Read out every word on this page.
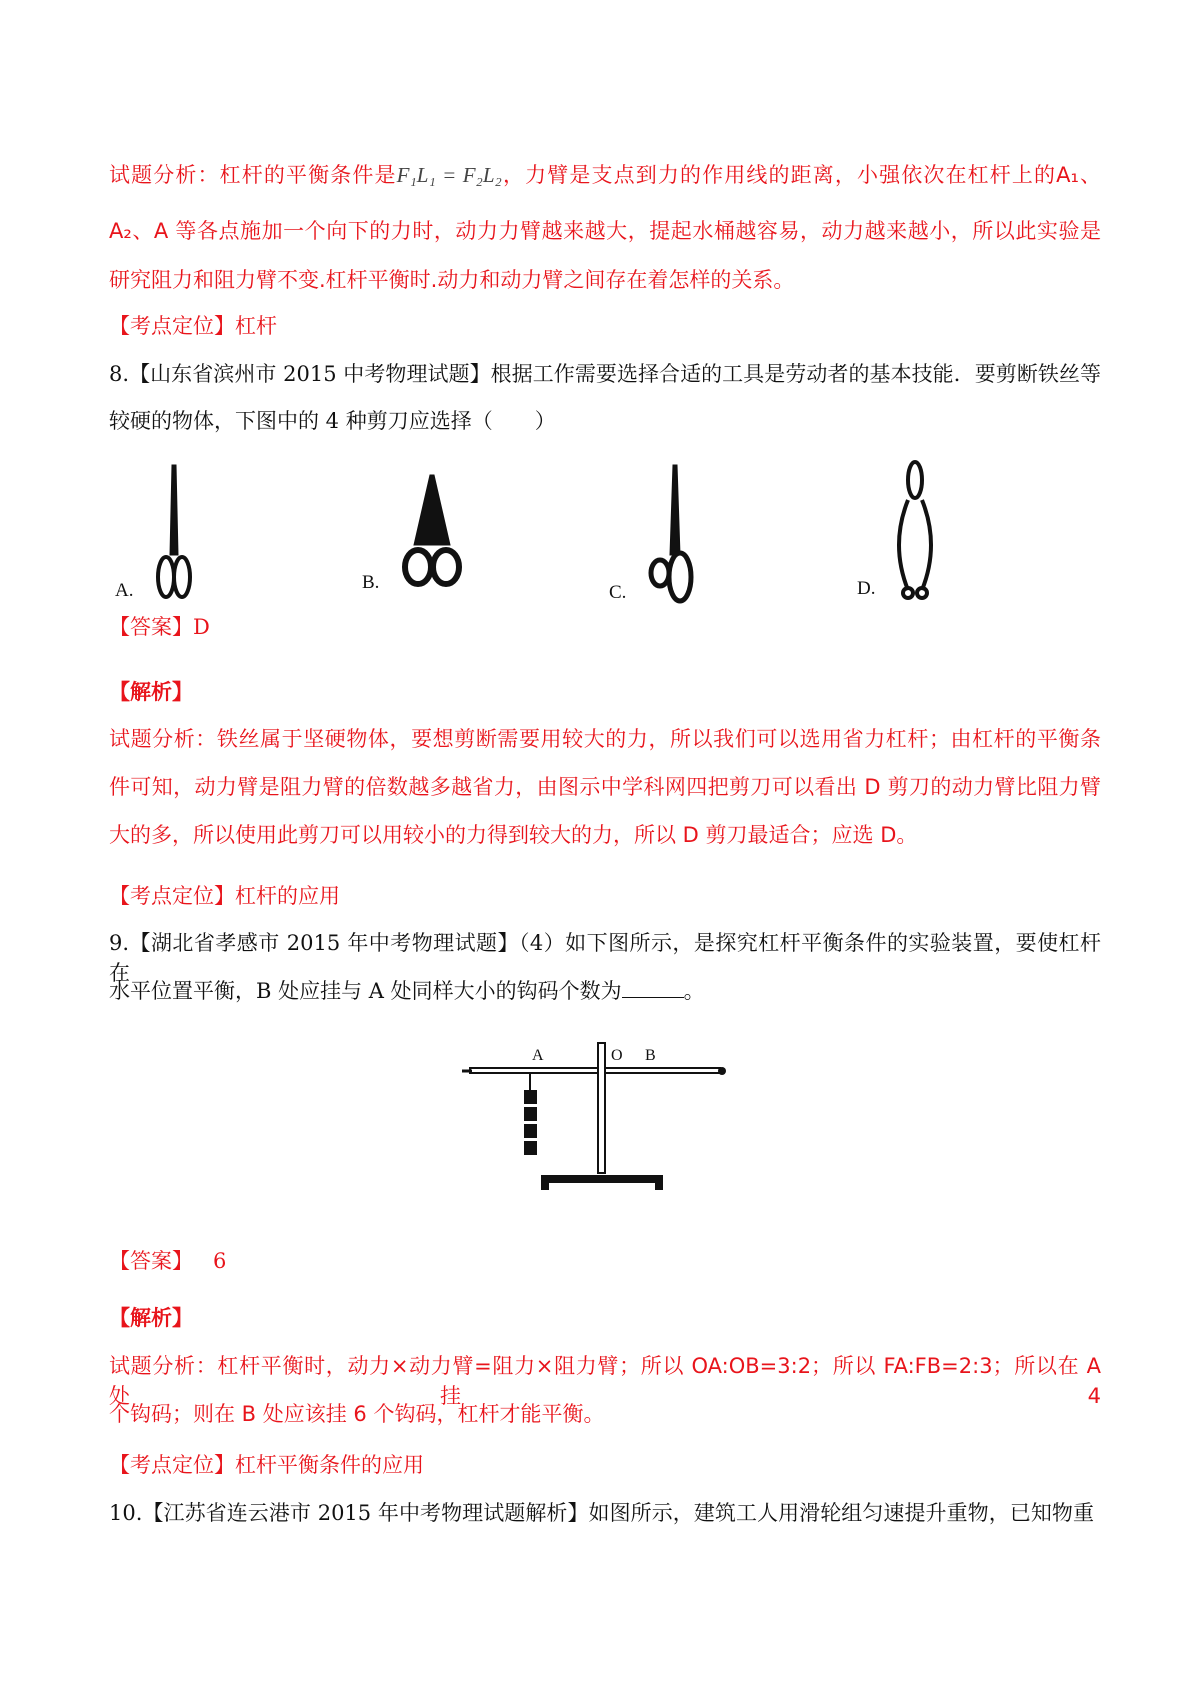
试题分析：杠杆的平衡条件是F₁L₁ = F₂L₂，力臂是支点到力的作用线的距离，小强依次在杠杆上的A₁、
A₂、A 等各点施加一个向下的力时，动力力臂越来越大，提起水桶越容易，动力越来越小，所以此实验是
研究阻力和阻力臂不变.杠杆平衡时.动力和动力臂之间存在着怎样的关系。
【考点定位】杠杆
8.【山东省滨州市 2015 中考物理试题】根据工作需要选择合适的工具是劳动者的基本技能．要剪断铁丝等
较硬的物体，下图中的 4 种剪刀应选择（　　）
A.	B.	C.	D.
【答案】D
【解析】
试题分析：铁丝属于坚硬物体，要想剪断需要用较大的力，所以我们可以选用省力杠杆；由杠杆的平衡条
件可知，动力臂是阻力臂的倍数越多越省力，由图示中学科网四把剪刀可以看出 D 剪刀的动力臂比阻力臂
大的多，所以使用此剪刀可以用较小的力得到较大的力，所以 D 剪刀最适合；应选 D。
【考点定位】杠杆的应用
9.【湖北省孝感市 2015 年中考物理试题】（4）如下图所示，是探究杠杆平衡条件的实验装置，要使杠杆在
水平位置平衡，B 处应挂与 A 处同样大小的钩码个数为	。
A	O B
【答案】 6
【解析】
试题分析：杠杆平衡时，动力×动力臂=阻力×阻力臂；所以 OA:OB=3:2；所以 FA:FB=2:3；所以在 A 处挂 4
个钩码；则在 B 处应该挂 6 个钩码，杠杆才能平衡。
【考点定位】杠杆平衡条件的应用
10.【江苏省连云港市 2015 年中考物理试题解析】如图所示，建筑工人用滑轮组匀速提升重物，已知物重
